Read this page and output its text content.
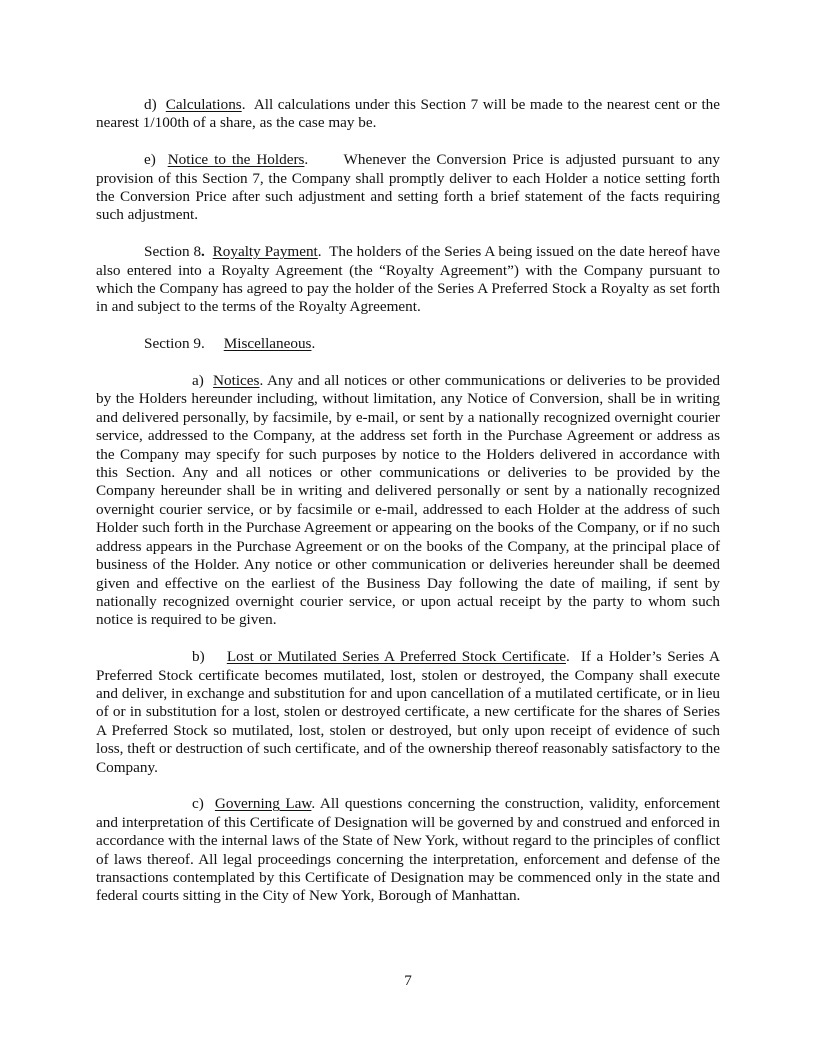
d) Calculations.  All calculations under this Section 7 will be made to the nearest cent or the nearest 1/100th of a share, as the case may be.

e) Notice to the Holders.      Whenever the Conversion Price is adjusted pursuant to any provision of this Section 7, the Company shall promptly deliver to each Holder a notice setting forth the Conversion Price after such adjustment and setting forth a brief statement of the facts requiring such adjustment.

Section 8. Royalty Payment.  The holders of the Series A being issued on the date hereof have also entered into a Royalty Agreement (the “Royalty Agreement”) with the Company pursuant to which the Company has agreed to pay the holder of the Series A Preferred Stock a Royalty as set forth in and subject to the terms of the Royalty Agreement.

Section 9. Miscellaneous.

a) Notices. Any and all notices or other communications or deliveries to be provided by the Holders hereunder including, without limitation, any Notice of Conversion, shall be in writing and delivered personally, by facsimile, by e-mail, or sent by a nationally recognized overnight courier service, addressed to the Company, at the address set forth in the Purchase Agreement or address as the Company may specify for such purposes by notice to the Holders delivered in accordance with this Section. Any and all notices or other communications or deliveries to be provided by the Company hereunder shall be in writing and delivered personally or sent by a nationally recognized overnight courier service, or by facsimile or e-mail, addressed to each Holder at the address of such Holder such forth in the Purchase Agreement or appearing on the books of the Company, or if no such address appears in the Purchase Agreement or on the books of the Company, at the principal place of business of the Holder. Any notice or other communication or deliveries hereunder shall be deemed given and effective on the earliest of the Business Day following the date of mailing, if sent by nationally recognized overnight courier service, or upon actual receipt by the party to whom such notice is required to be given.

b) Lost or Mutilated Series A Preferred Stock Certificate.  If a Holder’s Series A Preferred Stock certificate becomes mutilated, lost, stolen or destroyed, the Company shall execute and deliver, in exchange and substitution for and upon cancellation of a mutilated certificate, or in lieu of or in substitution for a lost, stolen or destroyed certificate, a new certificate for the shares of Series A Preferred Stock so mutilated, lost, stolen or destroyed, but only upon receipt of evidence of such loss, theft or destruction of such certificate, and of the ownership thereof reasonably satisfactory to the Company.

c) Governing Law. All questions concerning the construction, validity, enforcement and interpretation of this Certificate of Designation will be governed by and construed and enforced in accordance with the internal laws of the State of New York, without regard to the principles of conflict of laws thereof. All legal proceedings concerning the interpretation, enforcement and defense of the transactions contemplated by this Certificate of Designation may be commenced only in the state and federal courts sitting in the City of New York, Borough of Manhattan.

7
